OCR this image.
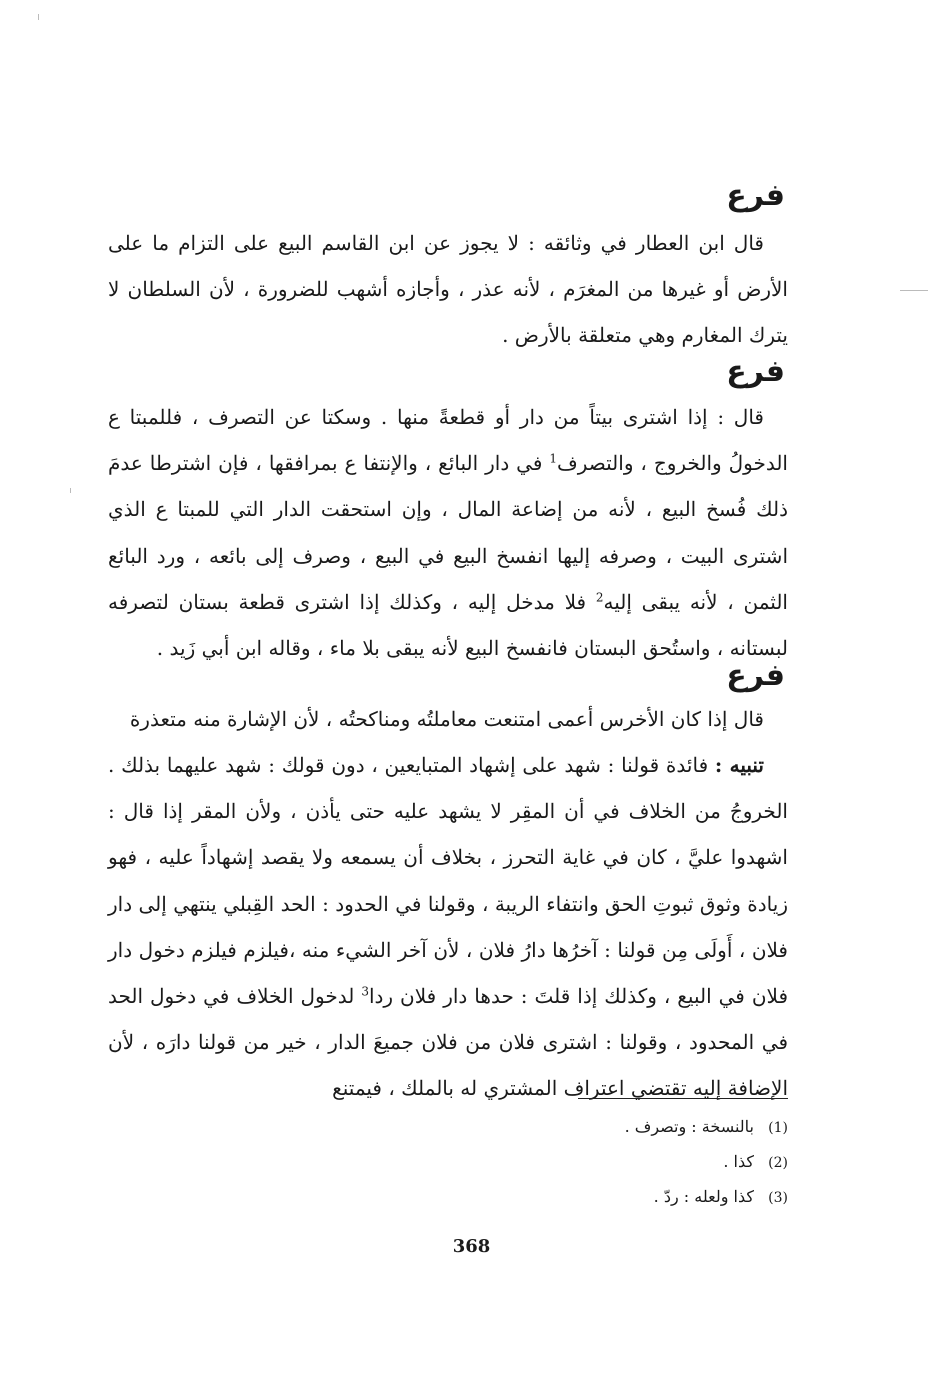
فرع

قال ابن العطار في وثائقه : لا يجوز عن ابن القاسم البيع على التزام ما على الأرض أو غيرها من المغرَم ، لأنه عذر ، وأجازه أشهب للضرورة ، لأن السلطان لا يترك المغارم وهي متعلقة بالأرض .

فرع

قال : إذا اشترى بيتاً من دار أو قطعةً منها . وسكتا عن التصرف ، فللمبتا ع الدخولُ والخروج ، والتصرف$^1$ في دار البائع ، والإنتفا ع بمرافقها ، فإن اشترطا عدمَ ذلك فُسخ البيع ، لأنه من إضاعة المال ، وإن استحقت الدار التي للمبتا ع الذي اشترى البيت ، وصرفه إليها انفسخ البيع في البيع ، وصرف إلى بائعه ، ورد البائع الثمن ، لأنه يبقى إليه$^2$ فلا مدخل إليه ، وكذلك إذا اشترى قطعة بستان لتصرفه لبستانه ، واستُحق البستان فانفسخ البيع لأنه يبقى بلا ماء ، وقاله ابن أبي زَيد .

فرع

قال إذا كان الأخرس أعمى امتنعت معاملتُه ومناكحتُه ، لأن الإشارة منه متعذرة

تنبيه : فائدة قولنا : شهد على إشهاد المتبايعين ، دون قولك : شهد عليهما بذلك . الخروجُ من الخلاف في أن المقِر لا يشهد عليه حتى يأذن ، ولأن المقر إذا قال : اشهدوا عليَّ ، كان في غاية التحرز ، بخلاف أن يسمعه ولا يقصد إشهاداً عليه ، فهو زيادة وثوق ثبوتِ الحق وانتفاء الريبة ، وقولنا في الحدود : الحد القِبلي ينتهي إلى دار فلان ، أَولَى مِن قولنا : آخرُها دارُ فلان ، لأن آخر الشيء منه ،فيلزم فيلزم دخول دار فلان في البيع ، وكذلك إذا قلتَ : حدها دار فلان ردا$^3$ لدخول الخلاف في دخول الحد في المحدود ، وقولنا : اشترى فلان من فلان جميعَ الدار ، خير من قولنا دارَه ، لأن الإضافة إليه تقتضي اعتراف المشتري له بالملك ، فيمتنع

(1)بالنسخة : وتصرف .
(2)كذا .
(3)كذا ولعله : ردّ .
368
